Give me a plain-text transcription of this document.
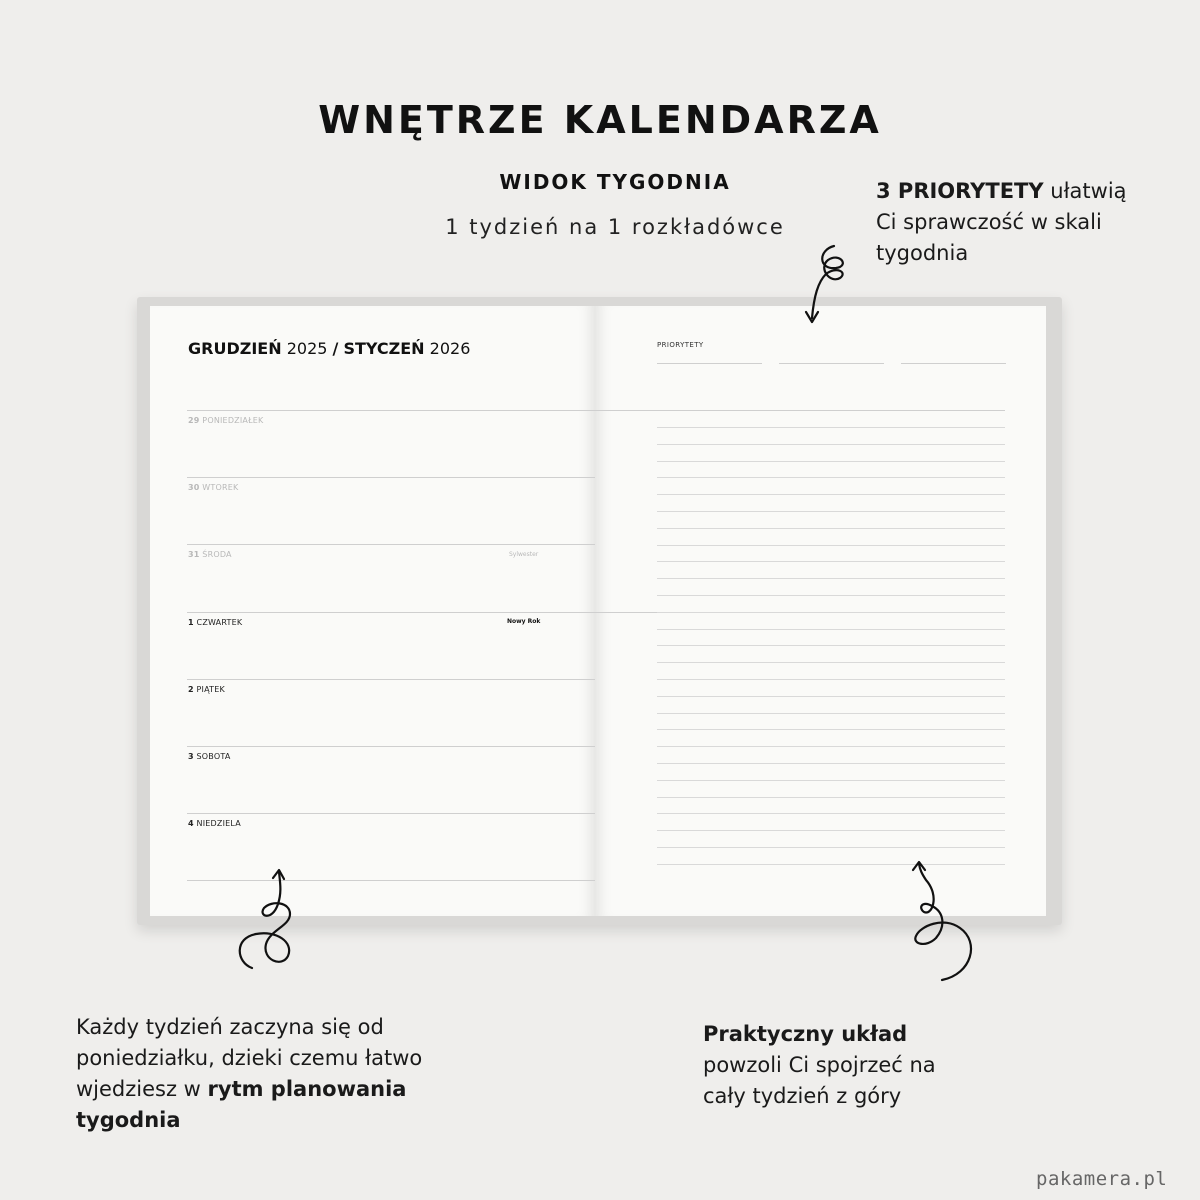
WNĘTRZE KALENDARZA
WIDOK TYGODNIA
1 tydzień na 1 rozkładówce
3 PRIORYTETY ułatwią
Ci sprawczość w skali
tygodnia
Każdy tydzień zaczyna się od
poniedziałku, dzieki czemu łatwo
wjedziesz w rytm planowania
tygodnia
Praktyczny układ
powzoli Ci spojrzeć na
cały tydzień z góry
GRUDZIEŃ 2025 / STYCZEŃ 2026
29 PONIEDZIAŁEK
30 WTOREK
31 ŚRODA	Sylwester
1 CZWARTEK	Nowy Rok
2 PIĄTEK
3 SOBOTA
4 NIEDZIELA
PRIORYTETY
pakamera.pl
